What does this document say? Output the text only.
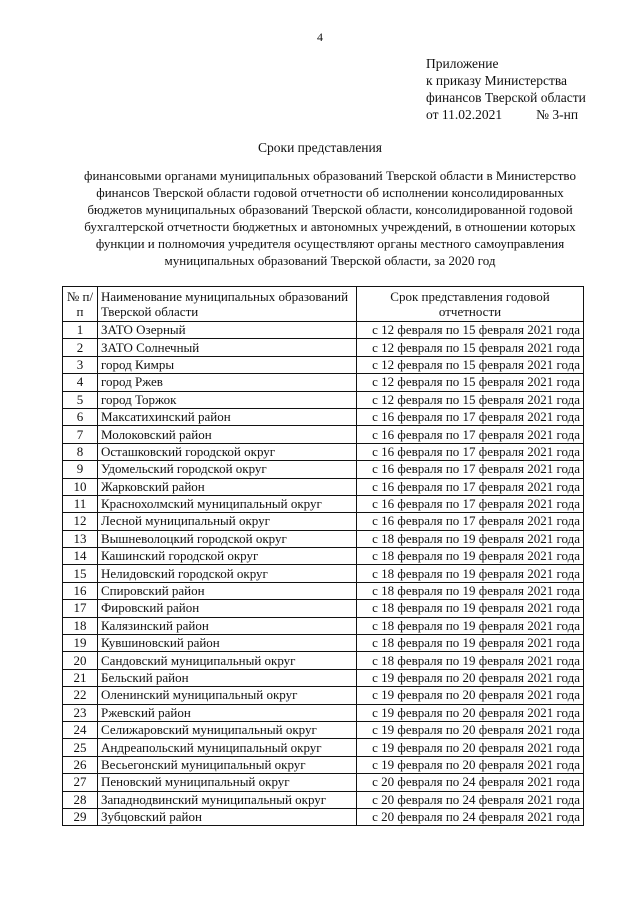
4
Приложение
к приказу Министерства
финансов Тверской области
от 11.02.2021	№ 3-нп
Сроки представления
финансовыми органами муниципальных образований Тверской области в Министерство финансов Тверской области годовой отчетности об исполнении консолидированных бюджетов муниципальных образований Тверской области, консолидированной годовой бухгалтерской отчетности бюджетных и автономных учреждений, в отношении которых функции и полномочия учредителя осуществляют органы местного самоуправления муниципальных образований Тверской области, за 2020 год
№ п/п	Наименование муниципальных образований Тверской области	Срок представления годовой отчетности
1	ЗАТО Озерный	с 12 февраля по 15 февраля 2021 года
2	ЗАТО Солнечный	с 12 февраля по 15 февраля 2021 года
3	город Кимры	с 12 февраля по 15 февраля 2021 года
4	город Ржев	с 12 февраля по 15 февраля 2021 года
5	город Торжок	с 12 февраля по 15 февраля 2021 года
6	Максатихинский район	с 16 февраля по 17 февраля 2021 года
7	Молоковский район	с 16 февраля по 17 февраля 2021 года
8	Осташковский городской округ	с 16 февраля по 17 февраля 2021 года
9	Удомельский городской округ	с 16 февраля по 17 февраля 2021 года
10	Жарковский район	с 16 февраля по 17 февраля 2021 года
11	Краснохолмский муниципальный округ	с 16 февраля по 17 февраля 2021 года
12	Лесной муниципальный округ	с 16 февраля по 17 февраля 2021 года
13	Вышневолоцкий городской округ	с 18 февраля по 19 февраля 2021 года
14	Кашинский городской округ	с 18 февраля по 19 февраля 2021 года
15	Нелидовский городской округ	с 18 февраля по 19 февраля 2021 года
16	Спировский район	с 18 февраля по 19 февраля 2021 года
17	Фировский район	с 18 февраля по 19 февраля 2021 года
18	Калязинский район	с 18 февраля по 19 февраля 2021 года
19	Кувшиновский район	с 18 февраля по 19 февраля 2021 года
20	Сандовский муниципальный округ	с 18 февраля по 19 февраля 2021 года
21	Бельский район	с 19 февраля по 20 февраля 2021 года
22	Оленинский муниципальный округ	с 19 февраля по 20 февраля 2021 года
23	Ржевский район	с 19 февраля по 20 февраля 2021 года
24	Селижаровский муниципальный округ	с 19 февраля по 20 февраля 2021 года
25	Андреапольский муниципальный округ	с 19 февраля по 20 февраля 2021 года
26	Весьегонский муниципальный округ	с 19 февраля по 20 февраля 2021 года
27	Пеновский муниципальный округ	с 20 февраля по 24 февраля 2021 года
28	Западнодвинский муниципальный округ	с 20 февраля по 24 февраля 2021 года
29	Зубцовский район	с 20 февраля по 24 февраля 2021 года
